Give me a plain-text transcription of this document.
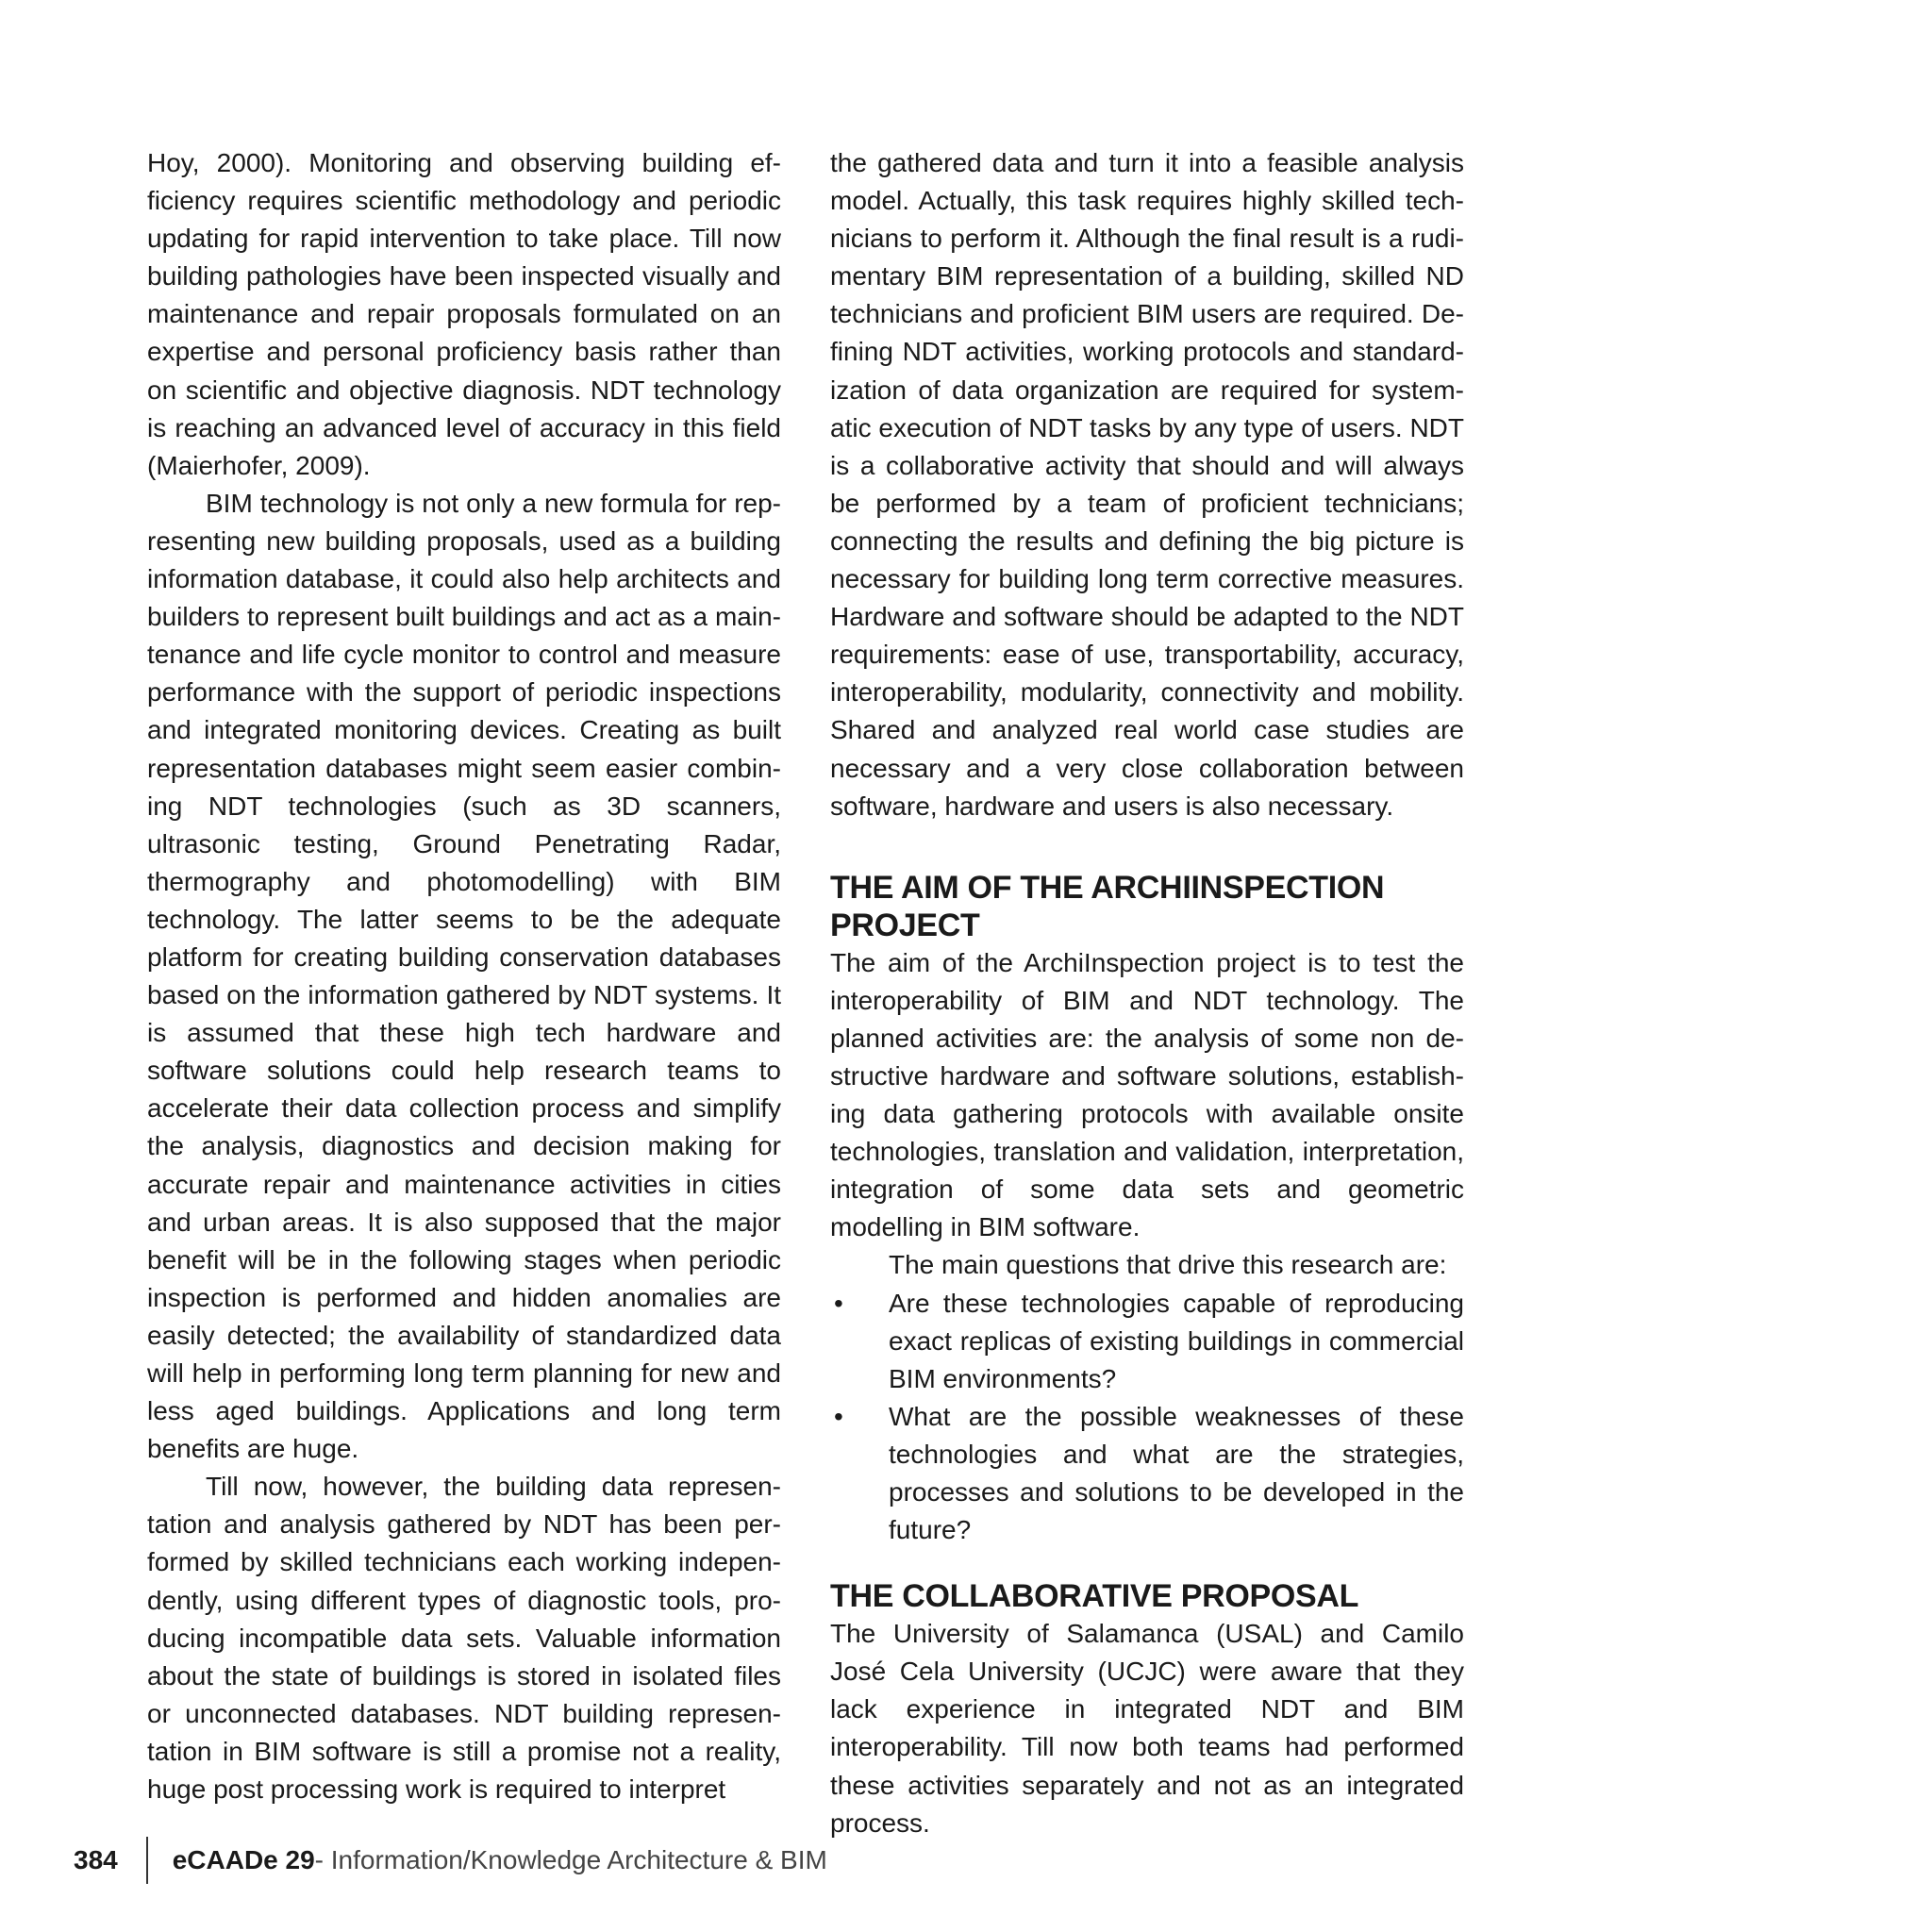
Hoy, 2000). Monitoring and observing building efficiency requires scientific methodology and periodic updating for rapid intervention to take place. Till now building pathologies have been inspected visually and maintenance and repair proposals formulated on an expertise and personal proficiency basis rather than on scientific and objective diagnosis. NDT technology is reaching an advanced level of accuracy in this field (Maierhofer, 2009).

BIM technology is not only a new formula for representing new building proposals, used as a building information database, it could also help architects and builders to represent built buildings and act as a maintenance and life cycle monitor to control and measure performance with the support of periodic inspections and integrated monitoring devices. Creating as built representation databases might seem easier combining NDT technologies (such as 3D scanners, ultrasonic testing, Ground Penetrating Radar, thermography and photomodelling) with BIM technology. The latter seems to be the adequate platform for creating building conservation databases based on the information gathered by NDT systems. It is assumed that these high tech hardware and software solutions could help research teams to accelerate their data collection process and simplify the analysis, diagnostics and decision making for accurate repair and maintenance activities in cities and urban areas. It is also supposed that the major benefit will be in the following stages when periodic inspection is performed and hidden anomalies are easily detected; the availability of standardized data will help in performing long term planning for new and less aged buildings. Applications and long term benefits are huge.

Till now, however, the building data representation and analysis gathered by NDT has been performed by skilled technicians each working independently, using different types of diagnostic tools, producing incompatible data sets. Valuable information about the state of buildings is stored in isolated files or unconnected databases. NDT building representation in BIM software is still a promise not a reality, huge post processing work is required to interpret

the gathered data and turn it into a feasible analysis model. Actually, this task requires highly skilled technicians to perform it. Although the final result is a rudimentary BIM representation of a building, skilled ND technicians and proficient BIM users are required. Defining NDT activities, working protocols and standardization of data organization are required for systematic execution of NDT tasks by any type of users. NDT is a collaborative activity that should and will always be performed by a team of proficient technicians; connecting the results and defining the big picture is necessary for building long term corrective measures. Hardware and software should be adapted to the NDT requirements: ease of use, transportability, accuracy, interoperability, modularity, connectivity and mobility. Shared and analyzed real world case studies are necessary and a very close collaboration between software, hardware and users is also necessary.

THE AIM OF THE ARCHIINSPECTION PROJECT

The aim of the ArchiInspection project is to test the interoperability of BIM and NDT technology. The planned activities are: the analysis of some non destructive hardware and software solutions, establishing data gathering protocols with available onsite technologies, translation and validation, interpretation, integration of some data sets and geometric modelling in BIM software.

The main questions that drive this research are:

• Are these technologies capable of reproducing exact replicas of existing buildings in commercial BIM environments?
• What are the possible weaknesses of these technologies and what are the strategies, processes and solutions to be developed in the future?
THE COLLABORATIVE PROPOSAL

The University of Salamanca (USAL) and Camilo José Cela University (UCJC) were aware that they lack experience in integrated NDT and BIM interoperability. Till now both teams had performed these activities separately and not as an integrated process.

384 eCAADe 29 - Information/Knowledge Architecture & BIM
